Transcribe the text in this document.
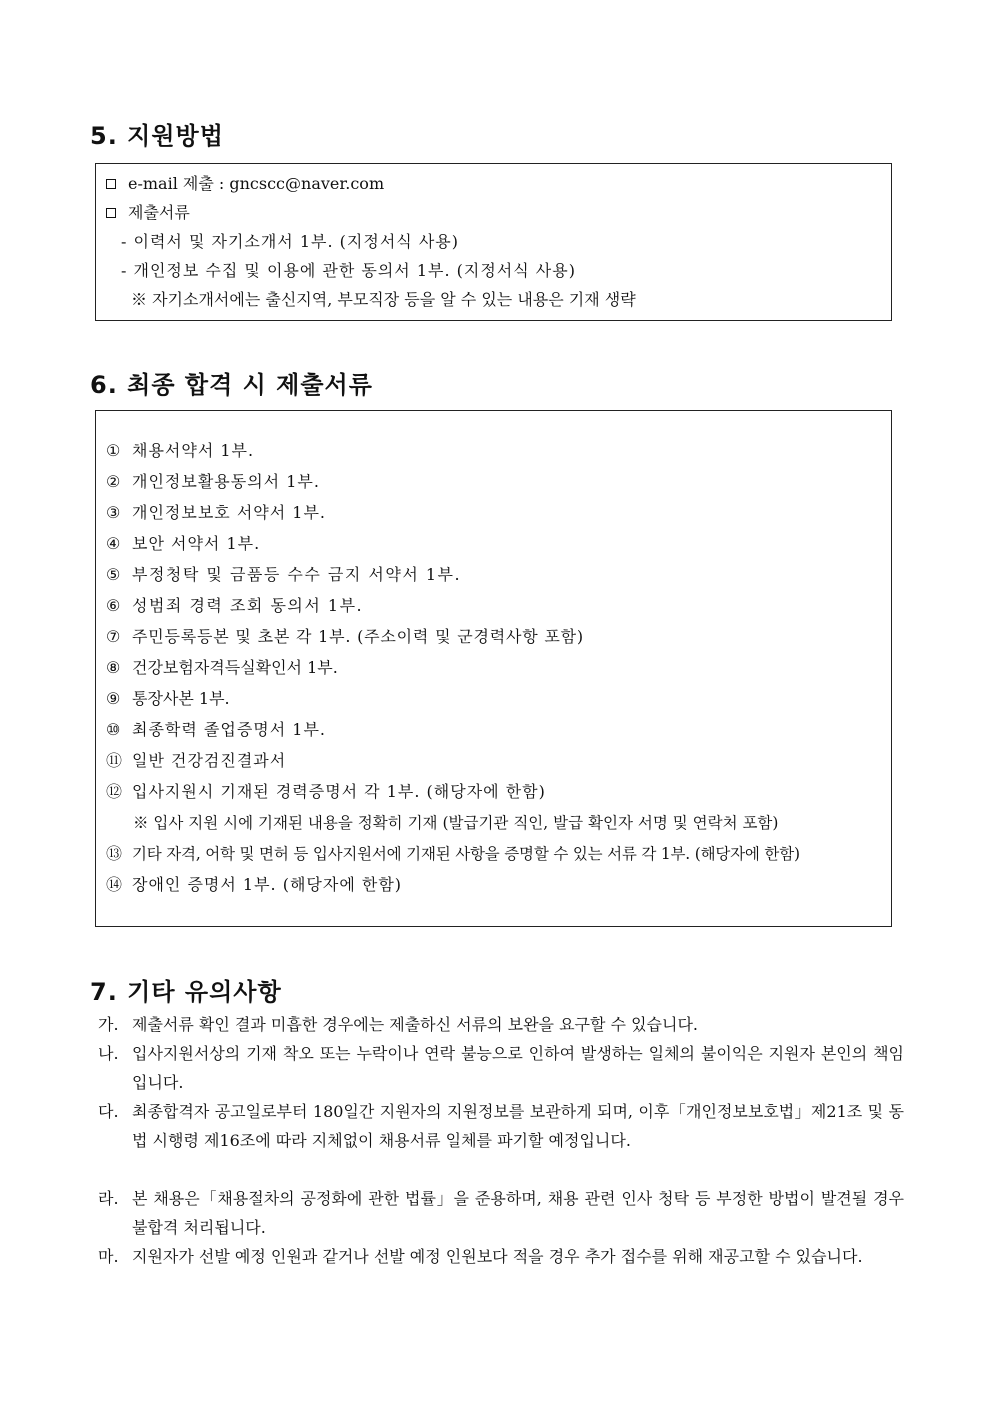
5. 지원방법
e-mail 제출 : gncscc@naver.com
제출서류
- 이력서 및 자기소개서 1부. (지정서식 사용)
- 개인정보 수집 및 이용에 관한 동의서 1부. (지정서식 사용)
※ 자기소개서에는 출신지역, 부모직장 등을 알 수 있는 내용은 기재 생략
6. 최종 합격 시 제출서류
① 채용서약서 1부.
② 개인정보활용동의서 1부.
③ 개인정보보호 서약서 1부.
④ 보안 서약서 1부.
⑤ 부정청탁 및 금품등 수수 금지 서약서 1부.
⑥ 성범죄 경력 조회 동의서 1부.
⑦ 주민등록등본 및 초본 각 1부. (주소이력 및 군경력사항 포함)
⑧ 건강보험자격득실확인서 1부.
⑨ 통장사본 1부.
⑩ 최종학력 졸업증명서 1부.
⑪ 일반 건강검진결과서
⑫ 입사지원시 기재된 경력증명서 각 1부. (해당자에 한함)
※ 입사 지원 시에 기재된 내용을 정확히 기재 (발급기관 직인, 발급 확인자 서명 및 연락처 포함)
⑬ 기타 자격, 어학 및 면허 등 입사지원서에 기재된 사항을 증명할 수 있는 서류 각 1부. (해당자에 한함)
⑭ 장애인 증명서 1부. (해당자에 한함)
7. 기타 유의사항
가. 제출서류 확인 결과 미흡한 경우에는 제출하신 서류의 보완을 요구할 수 있습니다.
나. 입사지원서상의 기재 착오 또는 누락이나 연락 불능으로 인하여 발생하는 일체의 불이익은 지원자 본인의 책임입니다.
다. 최종합격자 공고일로부터 180일간 지원자의 지원정보를 보관하게 되며, 이후「개인정보보호법」제21조 및 동법 시행령 제16조에 따라 지체없이 채용서류 일체를 파기할 예정입니다.
라. 본 채용은「채용절차의 공정화에 관한 법률」을 준용하며, 채용 관련 인사 청탁 등 부정한 방법이 발견될 경우 불합격 처리됩니다.
마. 지원자가 선발 예정 인원과 같거나 선발 예정 인원보다 적을 경우 추가 접수를 위해 재공고할 수 있습니다.
